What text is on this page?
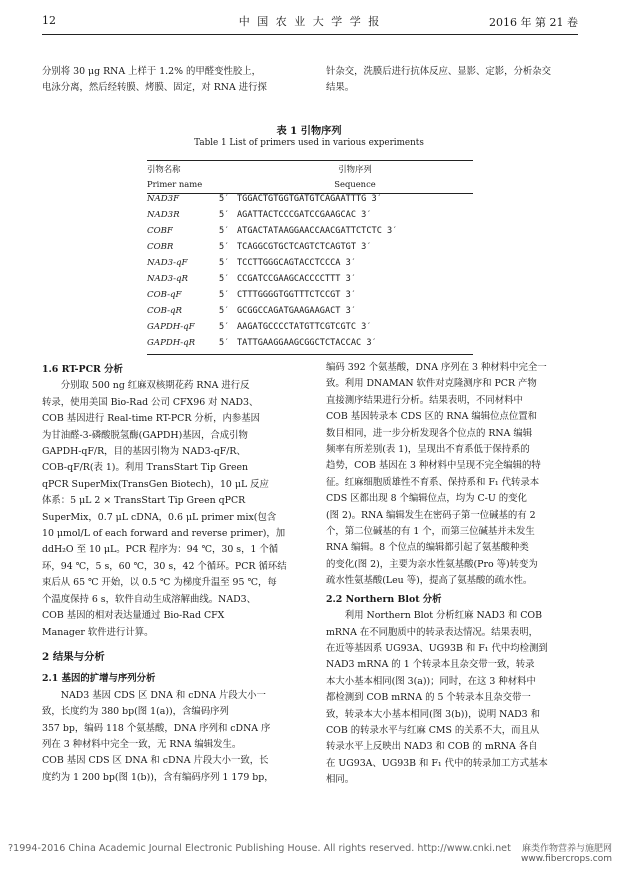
12	中 国 农 业 大 学 学 报	2016 年 第 21 卷

分别将 30 μg RNA 上样于 1.2% 的甲醛变性胶上，

电泳分离，然后经转膜、烤膜、固定，对 RNA 进行探

针杂交，洗膜后进行抗体反应、显影、定影，分析杂交

结果。

表 1 引物序列
Table 1 List of primers used in various experiments
引物名称		引物序列
Primer name		Sequence
NAD3F	5′	TGGACTGTGGTGATGTCAGAATTTG 3′
NAD3R	5′	AGATTACTCCCGATCCGAAGCAC 3′
COBF	5′	ATGACTATAAGGAACCAACGATTCTCTC 3′
COBR	5′	TCAGGCGTGCTCAGTCTCAGTGT 3′
NAD3-qF	5′	TCCTTGGGCAGTACCTCCCA 3′
NAD3-qR	5′	CCGATCCGAAGCACCCCTTT 3′
COB-qF	5′	CTTTGGGGTGGTTTCTCCGT 3′
COB-qR	5′	GCGGCCAGATGAAGAAGACT 3′
GAPDH-qF	5′	AAGATGCCCCTATGTTCGTCGTC 3′
GAPDH-qR	5′	TATTGAAGGAAGCGGCTCTACCAC 3′

1.6 RT-PCR 分析

分别取 500 ng 红麻双核期花药 RNA 进行反

转录，使用美国 Bio-Rad 公司 CFX96 对 NAD3、

COB 基因进行 Real-time RT-PCR 分析，内参基因

为甘油醛-3-磷酸脱氢酶(GAPDH)基因，合成引物

GAPDH-qF/R，目的基因引物为 NAD3-qF/R、

COB-qF/R(表 1)。利用 TransStart Tip Green

qPCR SuperMix(TransGen Biotech)，10 μL 反应

体系：5 μL 2 × TransStart Tip Green qPCR

SuperMix，0.7 μL cDNA，0.6 μL primer mix(包含

10 μmol/L of each forward and reverse primer)，加

ddH₂O 至 10 μL。PCR 程序为：94 ℃，30 s，1 个循

环，94 ℃，5 s，60 ℃，30 s，42 个循环。PCR 循环结

束后从 65 ℃ 开始，以 0.5 ℃ 为梯度升温至 95 ℃，每

个温度保持 6 s，软件自动生成溶解曲线。NAD3、

COB 基因的相对表达量通过 Bio-Rad CFX

Manager 软件进行计算。

2 结果与分析

2.1 基因的扩增与序列分析

NAD3 基因 CDS 区 DNA 和 cDNA 片段大小一

致，长度约为 380 bp(图 1(a))，含编码序列

357 bp，编码 118 个氨基酸，DNA 序列和 cDNA 序

列在 3 种材料中完全一致，无 RNA 编辑发生。

COB 基因 CDS 区 DNA 和 cDNA 片段大小一致，长

度约为 1 200 bp(图 1(b))，含有编码序列 1 179 bp，

编码 392 个氨基酸，DNA 序列在 3 种材料中完全一

致。利用 DNAMAN 软件对克隆测序和 PCR 产物

直接测序结果进行分析。结果表明，不同材料中

COB 基因转录本 CDS 区的 RNA 编辑位点位置和

数目相同，进一步分析发现各个位点的 RNA 编辑

频率有所差别(表 1)，呈现出不育系低于保持系的

趋势，COB 基因在 3 种材料中呈现不完全编辑的特

征。红麻细胞质雄性不育系、保持系和 F₁ 代转录本

CDS 区都出现 8 个编辑位点，均为 C-U 的变化

(图 2)。RNA 编辑发生在密码子第一位碱基的有 2

个，第二位碱基的有 1 个，而第三位碱基并未发生

RNA 编辑。8 个位点的编辑都引起了氨基酸种类

的变化(图 2)，主要为亲水性氨基酸(Pro 等)转变为

疏水性氨基酸(Leu 等)，提高了氨基酸的疏水性。

2.2 Northern Blot 分析

利用 Northern Blot 分析红麻 NAD3 和 COB

mRNA 在不同胞质中的转录表达情况。结果表明，

在近等基因系 UG93A、UG93B 和 F₁ 代中均检测到

NAD3 mRNA 的 1 个转录本且杂交带一致，转录

本大小基本相同(图 3(a))；同时，在这 3 种材料中

都检测到 COB mRNA 的 5 个转录本且杂交带一

致，转录本大小基本相同(图 3(b))，说明 NAD3 和

COB 的转录水平与红麻 CMS 的关系不大，而且从

转录水平上反映出 NAD3 和 COB 的 mRNA 各自

在 UG93A、UG93B 和 F₁ 代中的转录加工方式基本

相同。

?1994-2016 China Academic Journal Electronic Publishing House. All rights reserved. http://www.cnki.net 麻类作物营养与施肥网
www.fibercrops.com
